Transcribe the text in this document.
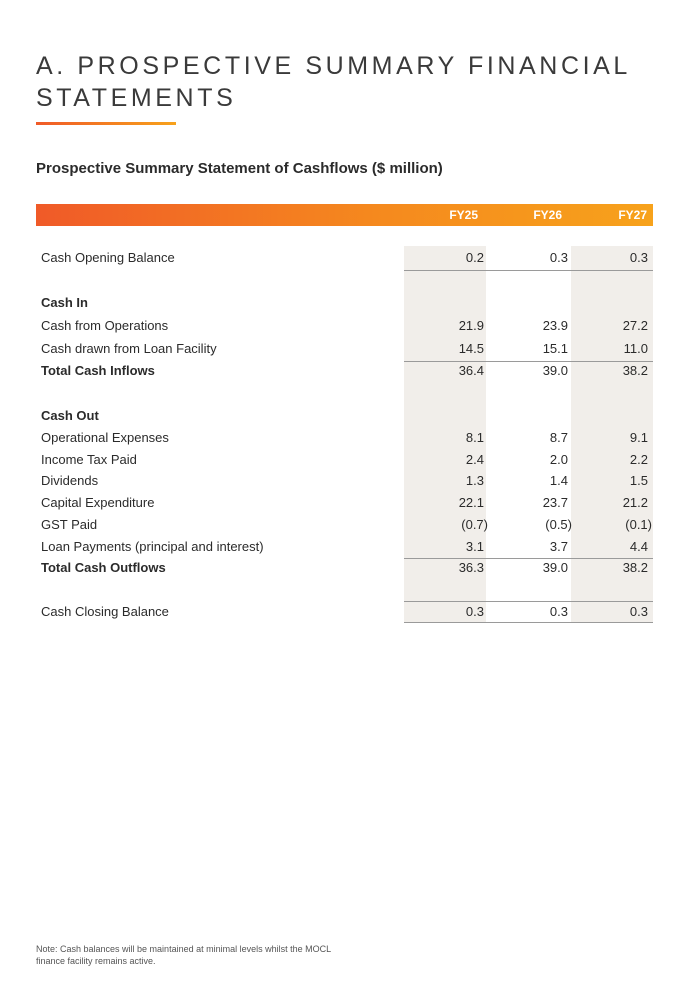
A. PROSPECTIVE SUMMARY FINANCIAL STATEMENTS
Prospective Summary Statement of Cashflows ($ million)
FY25	FY26	FY27
Cash Opening Balance	0.2	0.3	0.3
Cash In
Cash from Operations	21.9	23.9	27.2
Cash drawn from Loan Facility	14.5	15.1	11.0
Total Cash Inflows	36.4	39.0	38.2
Cash Out
Operational Expenses	8.1	8.7	9.1
Income Tax Paid	2.4	2.0	2.2
Dividends	1.3	1.4	1.5
Capital Expenditure	22.1	23.7	21.2
GST Paid	(0.7)	(0.5)	(0.1)
Loan Payments (principal and interest)	3.1	3.7	4.4
Total Cash Outflows	36.3	39.0	38.2
Cash Closing Balance	0.3	0.3	0.3
Note: Cash balances will be maintained at minimal levels whilst the MOCL finance facility remains active.
